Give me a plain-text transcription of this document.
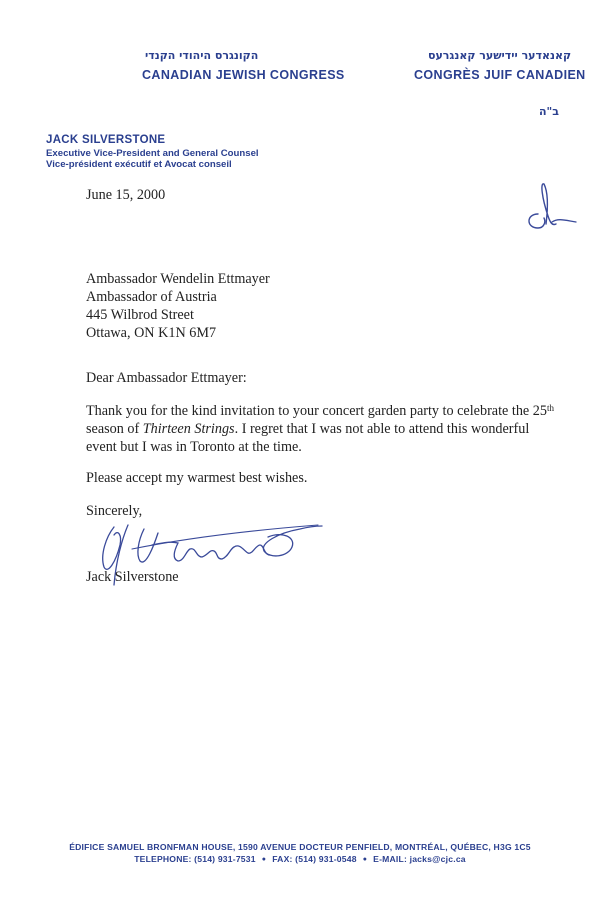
הקונגרס היהודי הקנדי
CANADIAN JEWISH CONGRESS
קאנאדער יידישער קאנגרעס
CONGRÈS JUIF CANADIEN
ב"ה
JACK SILVERSTONE
Executive Vice-President and General Counsel
Vice-président exécutif et Avocat conseil
June 15, 2000
Ambassador Wendelin Ettmayer
Ambassador of Austria
445 Wilbrod Street
Ottawa, ON K1N 6M7
Dear Ambassador Ettmayer:
Thank you for the kind invitation to your concert garden party to celebrate the 25th
season of Thirteen Strings. I regret that I was not able to attend this wonderful
event but I was in Toronto at the time.
Please accept my warmest best wishes.
Sincerely,
Jack Silverstone
ÉDIFICE SAMUEL BRONFMAN HOUSE, 1590 AVENUE DOCTEUR PENFIELD, MONTRÉAL, QUÉBEC, H3G 1C5
TELEPHONE: (514) 931-7531 ● FAX: (514) 931-0548 ● E-MAIL: jacks@cjc.ca
